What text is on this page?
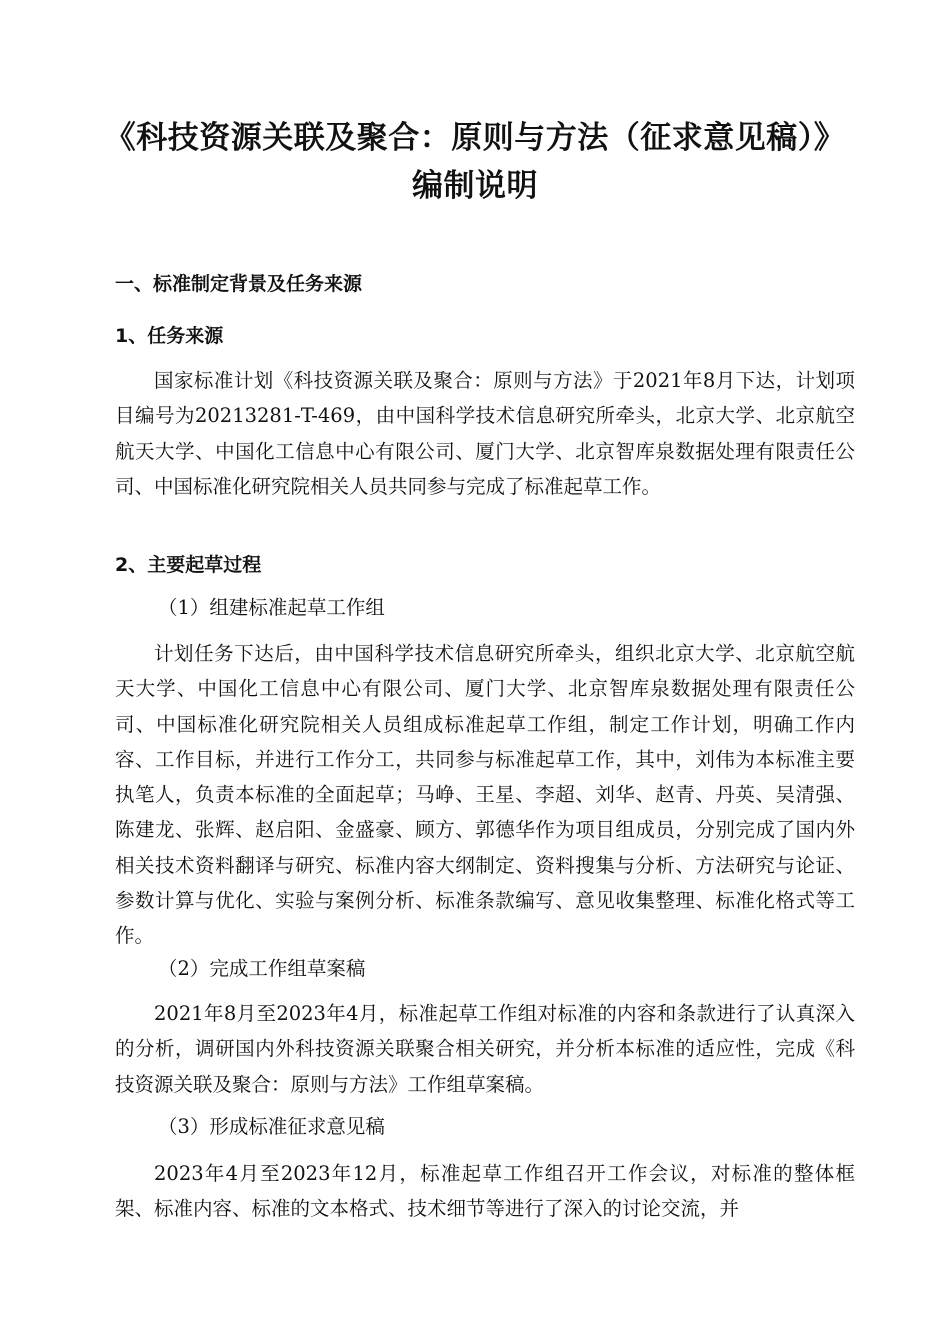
《科技资源关联及聚合：原则与方法（征求意见稿）》
编制说明
一、标准制定背景及任务来源
1、任务来源

国家标准计划《科技资源关联及聚合：原则与方法》于2021年8月下达，计划项目编号为20213281-T-469，由中国科学技术信息研究所牵头，北京大学、北京航空航天大学、中国化工信息中心有限公司、厦门大学、北京智库泉数据处理有限责任公司、中国标准化研究院相关人员共同参与完成了标准起草工作。

2、主要起草过程

（1）组建标准起草工作组

计划任务下达后，由中国科学技术信息研究所牵头，组织北京大学、北京航空航天大学、中国化工信息中心有限公司、厦门大学、北京智库泉数据处理有限责任公司、中国标准化研究院相关人员组成标准起草工作组，制定工作计划，明确工作内容、工作目标，并进行工作分工，共同参与标准起草工作，其中，刘伟为本标准主要执笔人，负责本标准的全面起草；马峥、王星、李超、刘华、赵青、丹英、吴清强、陈建龙、张辉、赵启阳、金盛豪、顾方、郭德华作为项目组成员，分别完成了国内外相关技术资料翻译与研究、标准内容大纲制定、资料搜集与分析、方法研究与论证、参数计算与优化、实验与案例分析、标准条款编写、意见收集整理、标准化格式等工作。

（2）完成工作组草案稿

2021年8月至2023年4月，标准起草工作组对标准的内容和条款进行了认真深入的分析，调研国内外科技资源关联聚合相关研究，并分析本标准的适应性，完成《科技资源关联及聚合：原则与方法》工作组草案稿。

（3）形成标准征求意见稿

2023年4月至2023年12月，标准起草工作组召开工作会议，对标准的整体框架、标准内容、标准的文本格式、技术细节等进行了深入的讨论交流，并
